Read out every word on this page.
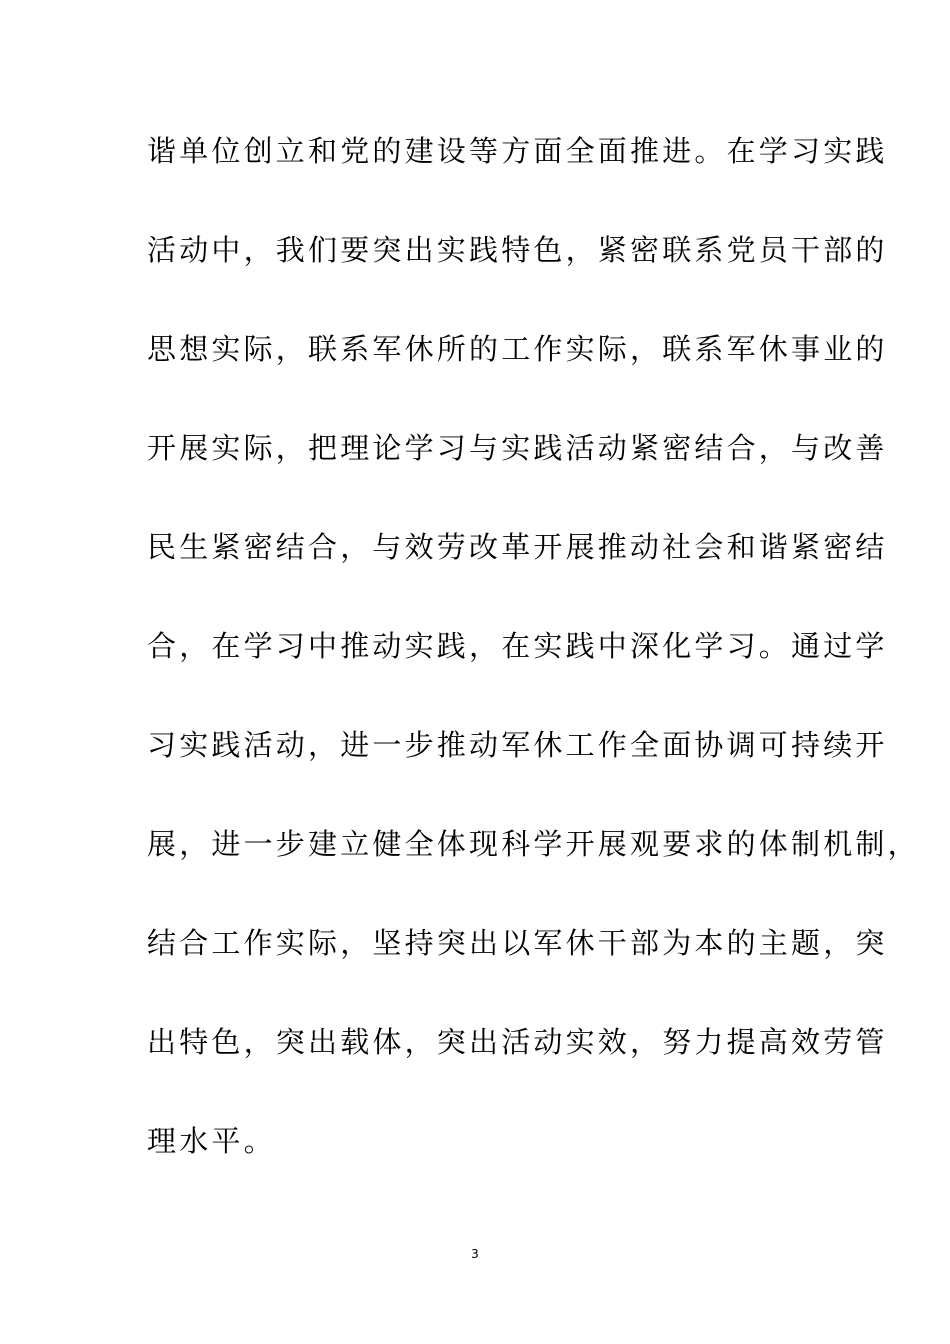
谐单位创立和党的建设等方面全面推进。在学习实践
活动中，我们要突出实践特色，紧密联系党员干部的
思想实际，联系军休所的工作实际，联系军休事业的
开展实际，把理论学习与实践活动紧密结合，与改善
民生紧密结合，与效劳改革开展推动社会和谐紧密结
合，在学习中推动实践，在实践中深化学习。通过学
习实践活动，进一步推动军休工作全面协调可持续开
展，进一步建立健全体现科学开展观要求的体制机制，
结合工作实际，坚持突出以军休干部为本的主题，突
出特色，突出载体，突出活动实效，努力提高效劳管
理水平。
3
